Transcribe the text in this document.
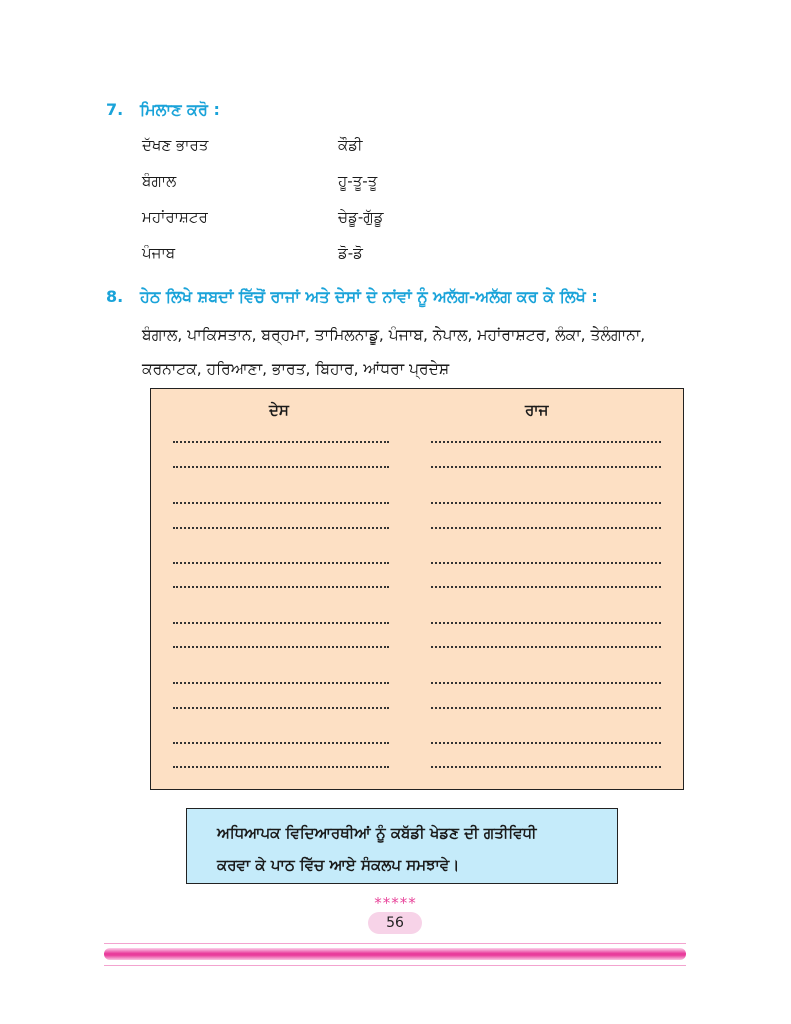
7. ਮਿਲਾਣ ਕਰੋ :
ਦੱਖਣ ਭਾਰਤ	ਕੌਡੀ
ਬੰਗਾਲ	ਹੂ-ਤੂ-ਤੂ
ਮਹਾਂਰਾਸ਼ਟਰ	ਚੇਡੂ-ਗੁੱਡੂ
ਪੰਜਾਬ	ਡੋ-ਡੋ
8. ਹੇਠ ਲਿਖੇ ਸ਼ਬਦਾਂ ਵਿੱਚੋਂ ਰਾਜਾਂ ਅਤੇ ਦੇਸਾਂ ਦੇ ਨਾਂਵਾਂ ਨੂੰ ਅਲੱਗ-ਅਲੱਗ ਕਰ ਕੇ ਲਿਖੋ :
ਬੰਗਾਲ, ਪਾਕਿਸਤਾਨ, ਬਰ੍ਹਮਾ, ਤਾਮਿਲਨਾਡੂ, ਪੰਜਾਬ, ਨੇਪਾਲ, ਮਹਾਂਰਾਸ਼ਟਰ, ਲੰਕਾ, ਤੇਲੰਗਾਨਾ,
ਕਰਨਾਟਕ, ਹਰਿਆਣਾ, ਭਾਰਤ, ਬਿਹਾਰ, ਆਂਧਰਾ ਪ੍ਰਦੇਸ਼
ਦੇਸ	ਰਾਜ
ਅਧਿਆਪਕ ਵਿਦਿਆਰਥੀਆਂ ਨੂੰ ਕਬੱਡੀ ਖੇਡਣ ਦੀ ਗਤੀਵਿਧੀ
ਕਰਵਾ ਕੇ ਪਾਠ ਵਿੱਚ ਆਏ ਸੰਕਲਪ ਸਮਝਾਵੇ।
*****
56
